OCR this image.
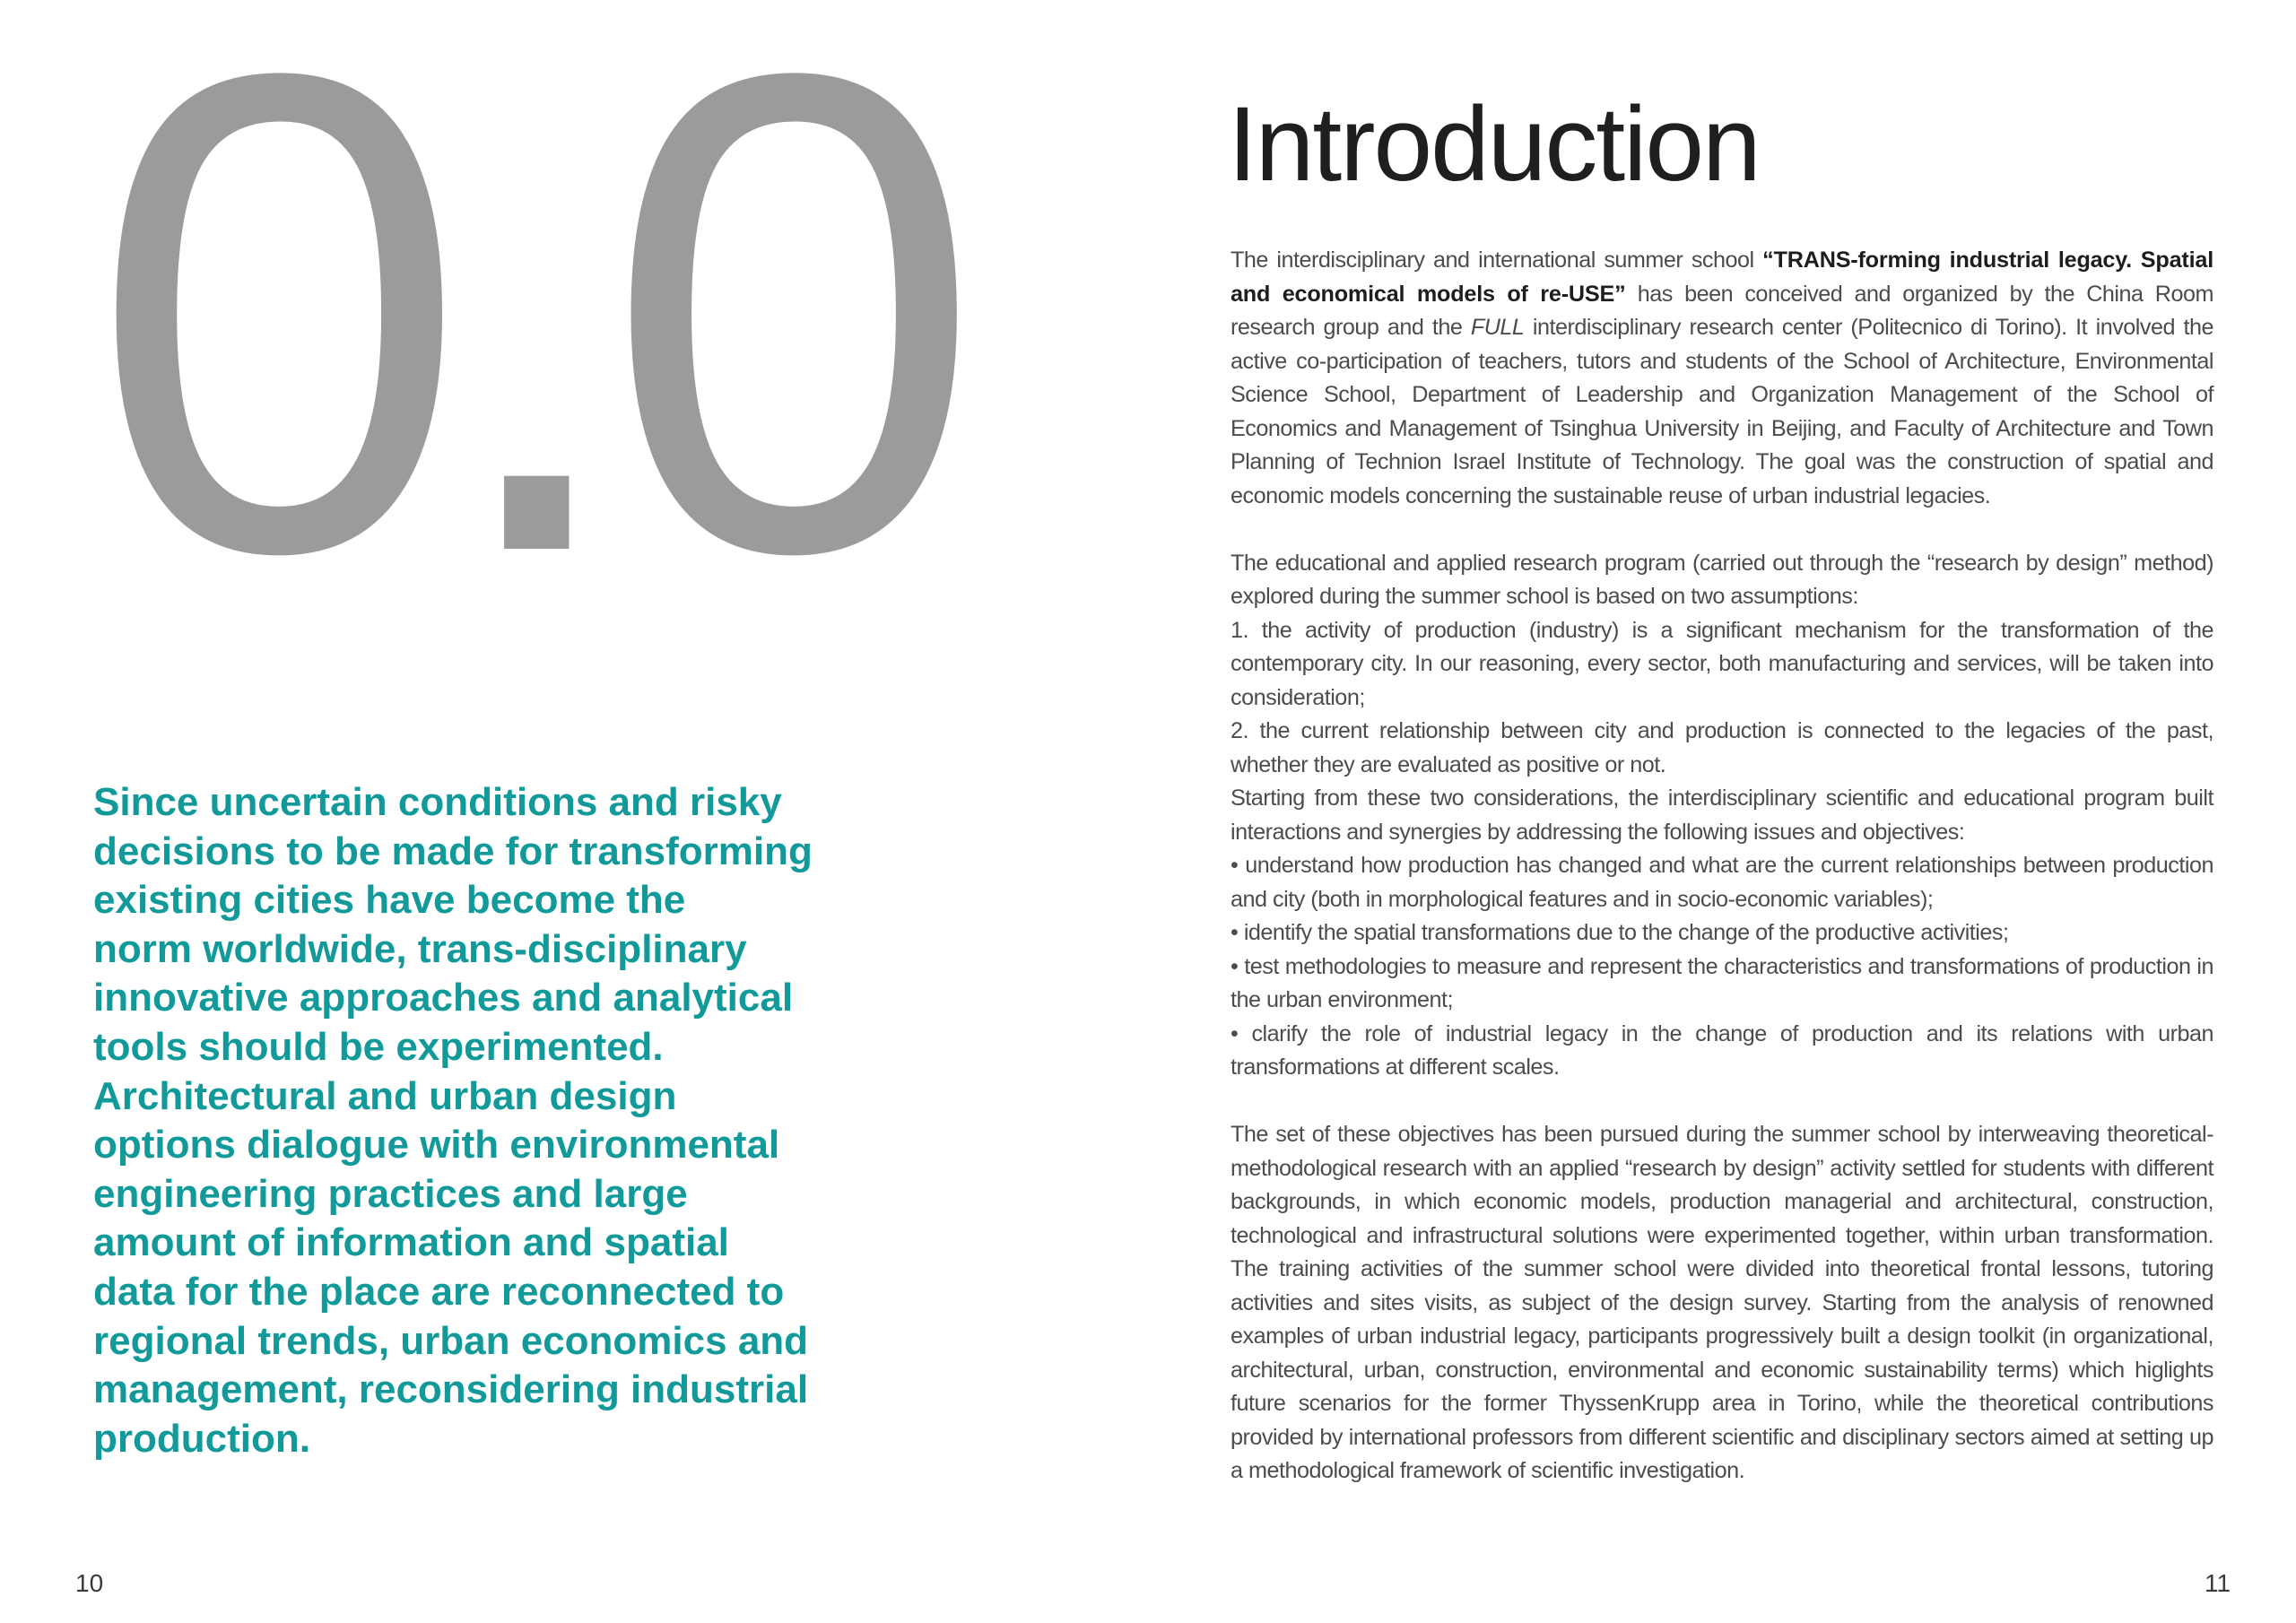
0.0
Since uncertain conditions and risky
decisions to be made for transforming
existing cities have become the
norm worldwide, trans-disciplinary
innovative approaches and analytical
tools should be experimented.
Architectural and urban design
options dialogue with environmental
engineering practices and large
amount of information and spatial
data for the place are reconnected to
regional trends, urban economics and
management, reconsidering industrial
production.
10
Introduction

The interdisciplinary and international summer school “TRANS-forming industrial legacy. Spatial and economical models of re-USE” has been conceived and organized by the China Room research group and the FULL interdisciplinary research center (Politecnico di Torino). It involved the active co-participation of teachers, tutors and students of the School of Architecture, Environmental Science School, Department of Leadership and Organization Management of the School of Economics and Management of Tsinghua University in Beijing, and Faculty of Architecture and Town Planning of Technion Israel Institute of Technology. The goal was the construction of spatial and economic models concerning the sustainable reuse of urban industrial legacies.

The educational and applied research program (carried out through the “research by design” method) explored during the summer school is based on two assumptions:

1. the activity of production (industry) is a significant mechanism for the transformation of the contemporary city. In our reasoning, every sector, both manufacturing and services, will be taken into consideration;

2. the current relationship between city and production is connected to the legacies of the past, whether they are evaluated as positive or not.

Starting from these two considerations, the interdisciplinary scientific and educational program built interactions and synergies by addressing the following issues and objectives:

• understand how production has changed and what are the current relationships between production and city (both in morphological features and in socio-economic variables);

• identify the spatial transformations due to the change of the productive activities;

• test methodologies to measure and represent the characteristics and transformations of production in the urban environment;

• clarify the role of industrial legacy in the change of production and its relations with urban transformations at different scales.

The set of these objectives has been pursued during the summer school by interweaving theoretical-methodological research with an applied “research by design” activity settled for students with different backgrounds, in which economic models, production managerial and architectural, construction, technological and infrastructural solutions were experimented together, within urban transformation. The training activities of the summer school were divided into theoretical frontal lessons, tutoring activities and sites visits, as subject of the design survey. Starting from the analysis of renowned examples of urban industrial legacy, participants progressively built a design toolkit (in organizational, architectural, urban, construction, environmental and economic sustainability terms) which higlights future scenarios for the former ThyssenKrupp area in Torino, while the theoretical contributions provided by international professors from different scientific and disciplinary sectors aimed at setting up a methodological framework of scientific investigation.

11
